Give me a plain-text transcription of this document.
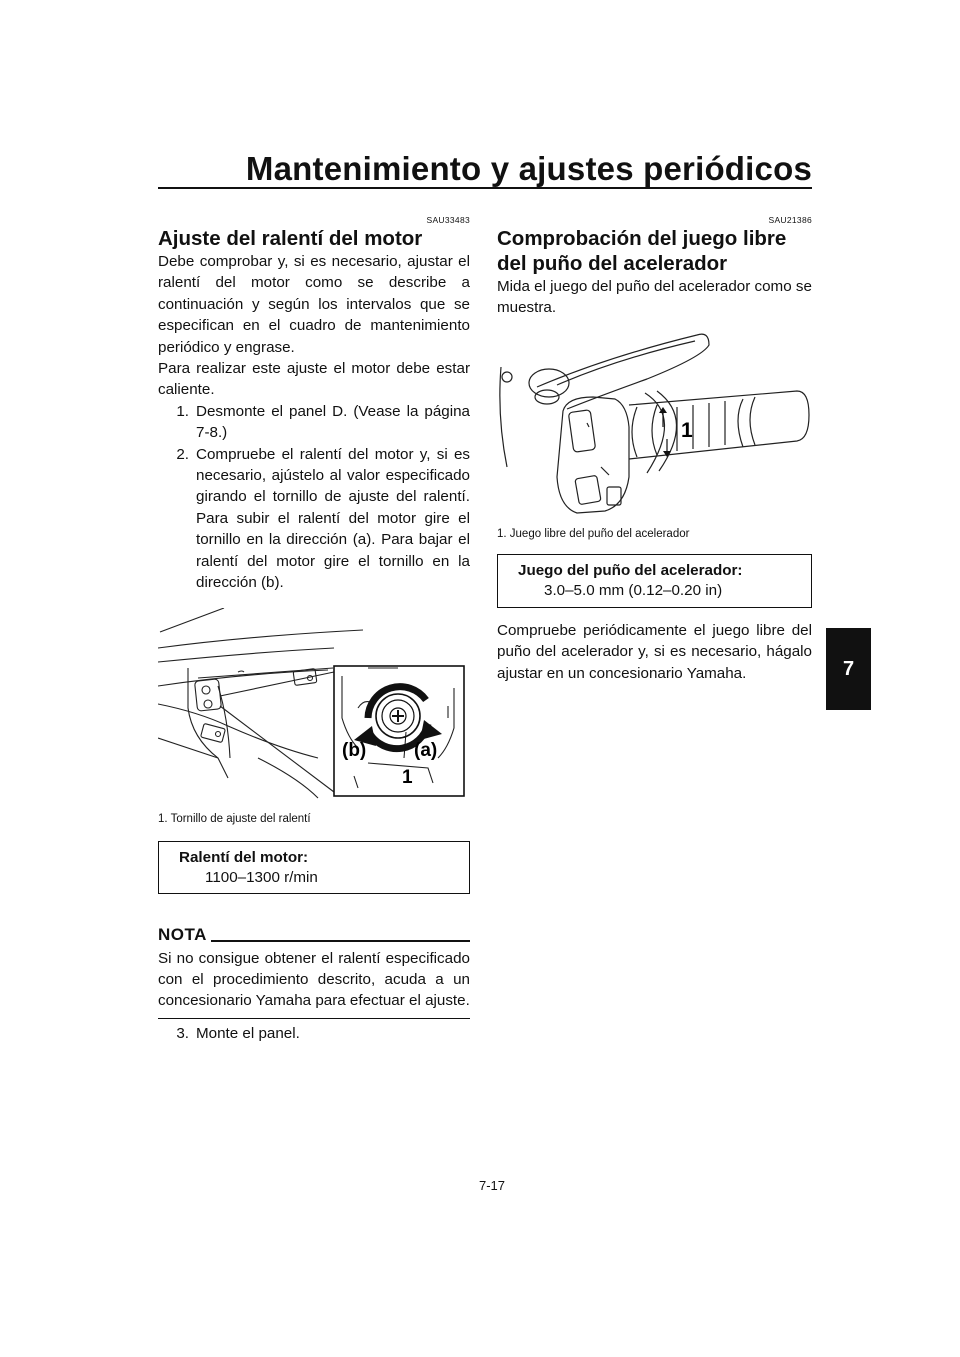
Mantenimiento y ajustes periódicos
7
SAU33483
Ajuste del ralentí del motor

Debe comprobar y, si es necesario, ajustar el ralentí del motor como se describe a continuación y según los intervalos que se especifican en el cuadro de mantenimiento periódico y engrase.

Para realizar este ajuste el motor debe estar caliente.

1. Desmonte el panel D. (Vease la página 7-8.)
2. Compruebe el ralentí del motor y, si es necesario, ajústelo al valor especificado girando el tornillo de ajuste del ralentí. Para subir el ralentí del motor gire el tornillo en la dirección (a). Para bajar el ralentí del motor gire el tornillo en la dirección (b).
(b)	(a)
1
1. Tornillo de ajuste del ralentí
Ralentí del motor:
1100–1300 r/min
NOTA

Si no consigue obtener el ralentí especificado con el procedimiento descrito, acuda a un concesionario Yamaha para efectuar el ajuste.

3. Monte el panel.
SAU21386
Comprobación del juego libre del puño del acelerador

Mida el juego del puño del acelerador como se muestra.

1
1. Juego libre del puño del acelerador
Juego del puño del acelerador:
3.0–5.0 mm (0.12–0.20 in)

Compruebe periódicamente el juego libre del puño del acelerador y, si es necesario, hágalo ajustar en un concesionario Yamaha.

7-17
